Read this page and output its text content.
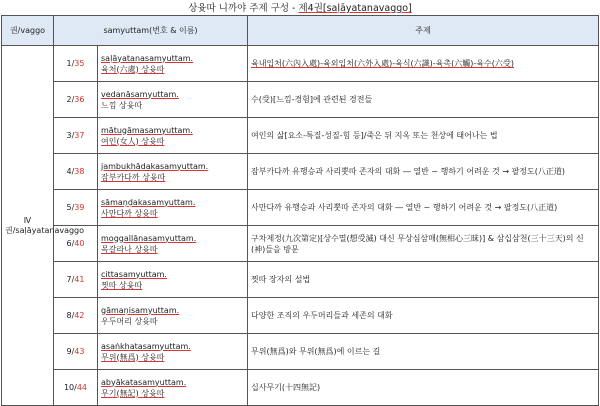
상윳따 니까야 주제 구성 - 제4권[saḷāyatanavaggo]
권/vaggo	samyuttam(번호 & 이름)		주제
Ⅳ권/saḷāyatanavaggo	1/35	saḷāyatanasamyuttam.
육처(六處) 상윳따	육내입처(六內入處)-육외입처(六外入處)-육식(六識)-육촉(六觸)-육수(六受)

	2/36	vedanāsamyuttam.
느낌 상윳따	수(受)[느낌-경험]에 관련된 경전들

	3/37	mātugāmasamyuttam.
여인(女人) 상윳따	여인의 삶[요소-특질-성질-힘 등]/죽은 뒤 지옥 또는 천상에 태어나는 법

	4/38	jambukhādakasamyuttam.
잠부카다까 상윳따	잠부카다까 유행승과 사리뿟따 존자의 대화 ― 열반 ~ 행하기 어려운 것 → 팔정도(八正道)

	5/39	sāmaṇḍakasamyuttam.
사만다까 상윳따	사만다까 유행승과 사리뿟따 존자의 대화 ― 열반 ~ 행하기 어려운 것 → 팔정도(八正道)

	6/40	moggallānasamyuttam.
목갈라나 상윳따	구차제정(九次第定)[상수멸(想受滅) 대신 무상심삼매(無相心三昧)] & 삼십삼천(三十三天)의 신(神)들을 방문

	7/41	cittasamyuttam.
찟따 상윳따	찟따 장자의 설법

	8/42	gāmaṇisamyuttam.
우두머리 상윳따	다양한 조직의 우두머리들과 세존의 대화

	9/43	asaṅkhatasamyuttam.
무위(無爲) 상윳따	무위(無爲)와 무위(無爲)에 이르는 길

	10/44	abyākatasamyuttam.
무기(無記) 상윳따	십사무기(十四無記)
